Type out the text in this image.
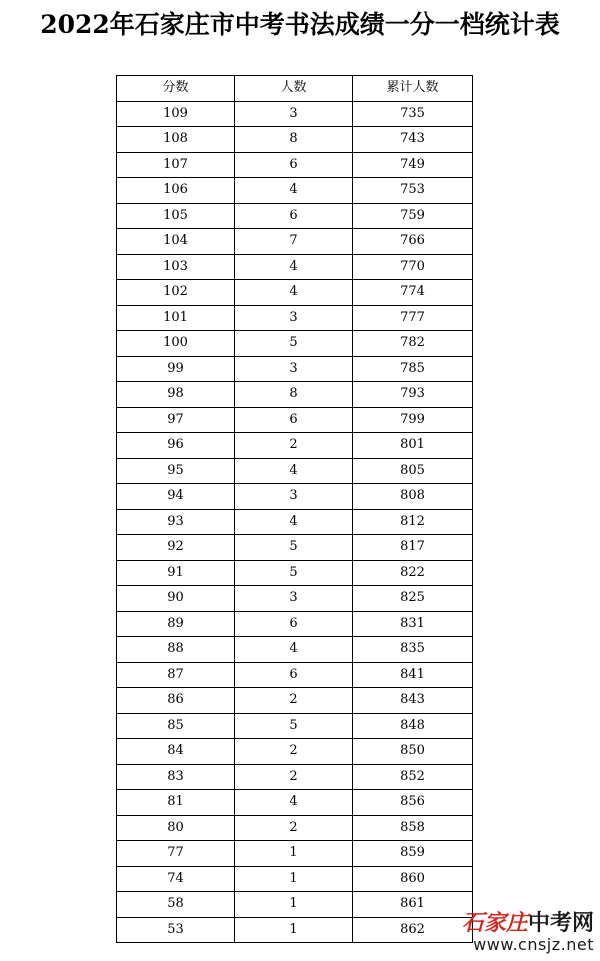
2022年石家庄市中考书法成绩一分一档统计表
分数	人数	累计人数
109	3	735
108	8	743
107	6	749
106	4	753
105	6	759
104	7	766
103	4	770
102	4	774
101	3	777
100	5	782
99	3	785
98	8	793
97	6	799
96	2	801
95	4	805
94	3	808
93	4	812
92	5	817
91	5	822
90	3	825
89	6	831
88	4	835
87	6	841
86	2	843
85	5	848
84	2	850
83	2	852
81	4	856
80	2	858
77	1	859
74	1	860
58	1	861
53	1	862	石家庄中考网
www.cnsjz.net
